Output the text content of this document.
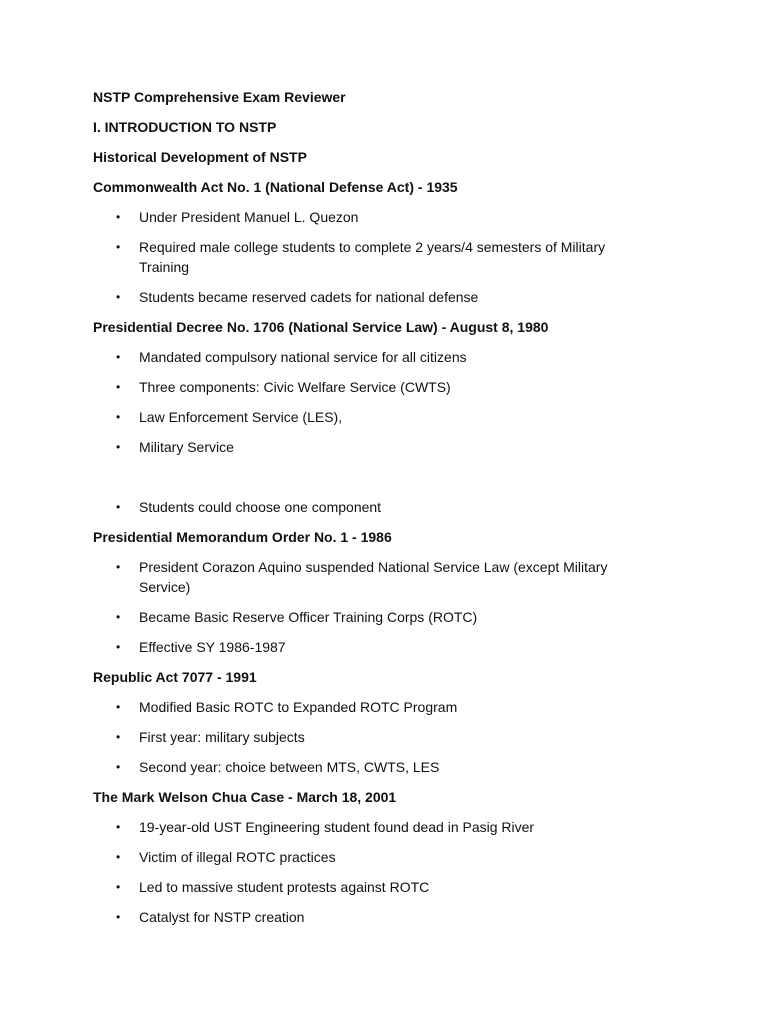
NSTP Comprehensive Exam Reviewer

I. INTRODUCTION TO NSTP

Historical Development of NSTP

Commonwealth Act No. 1 (National Defense Act) - 1935

• Under President Manuel L. Quezon
• Required male college students to complete 2 years/4 semesters of Military Training
• Students became reserved cadets for national defense

Presidential Decree No. 1706 (National Service Law) - August 8, 1980

• Mandated compulsory national service for all citizens
• Three components: Civic Welfare Service (CWTS)
• Law Enforcement Service (LES),
• Military Service
• Students could choose one component

Presidential Memorandum Order No. 1 - 1986

• President Corazon Aquino suspended National Service Law (except Military Service)
• Became Basic Reserve Officer Training Corps (ROTC)
• Effective SY 1986-1987

Republic Act 7077 - 1991

• Modified Basic ROTC to Expanded ROTC Program
• First year: military subjects
• Second year: choice between MTS, CWTS, LES

The Mark Welson Chua Case - March 18, 2001

• 19-year-old UST Engineering student found dead in Pasig River
• Victim of illegal ROTC practices
• Led to massive student protests against ROTC
• Catalyst for NSTP creation
